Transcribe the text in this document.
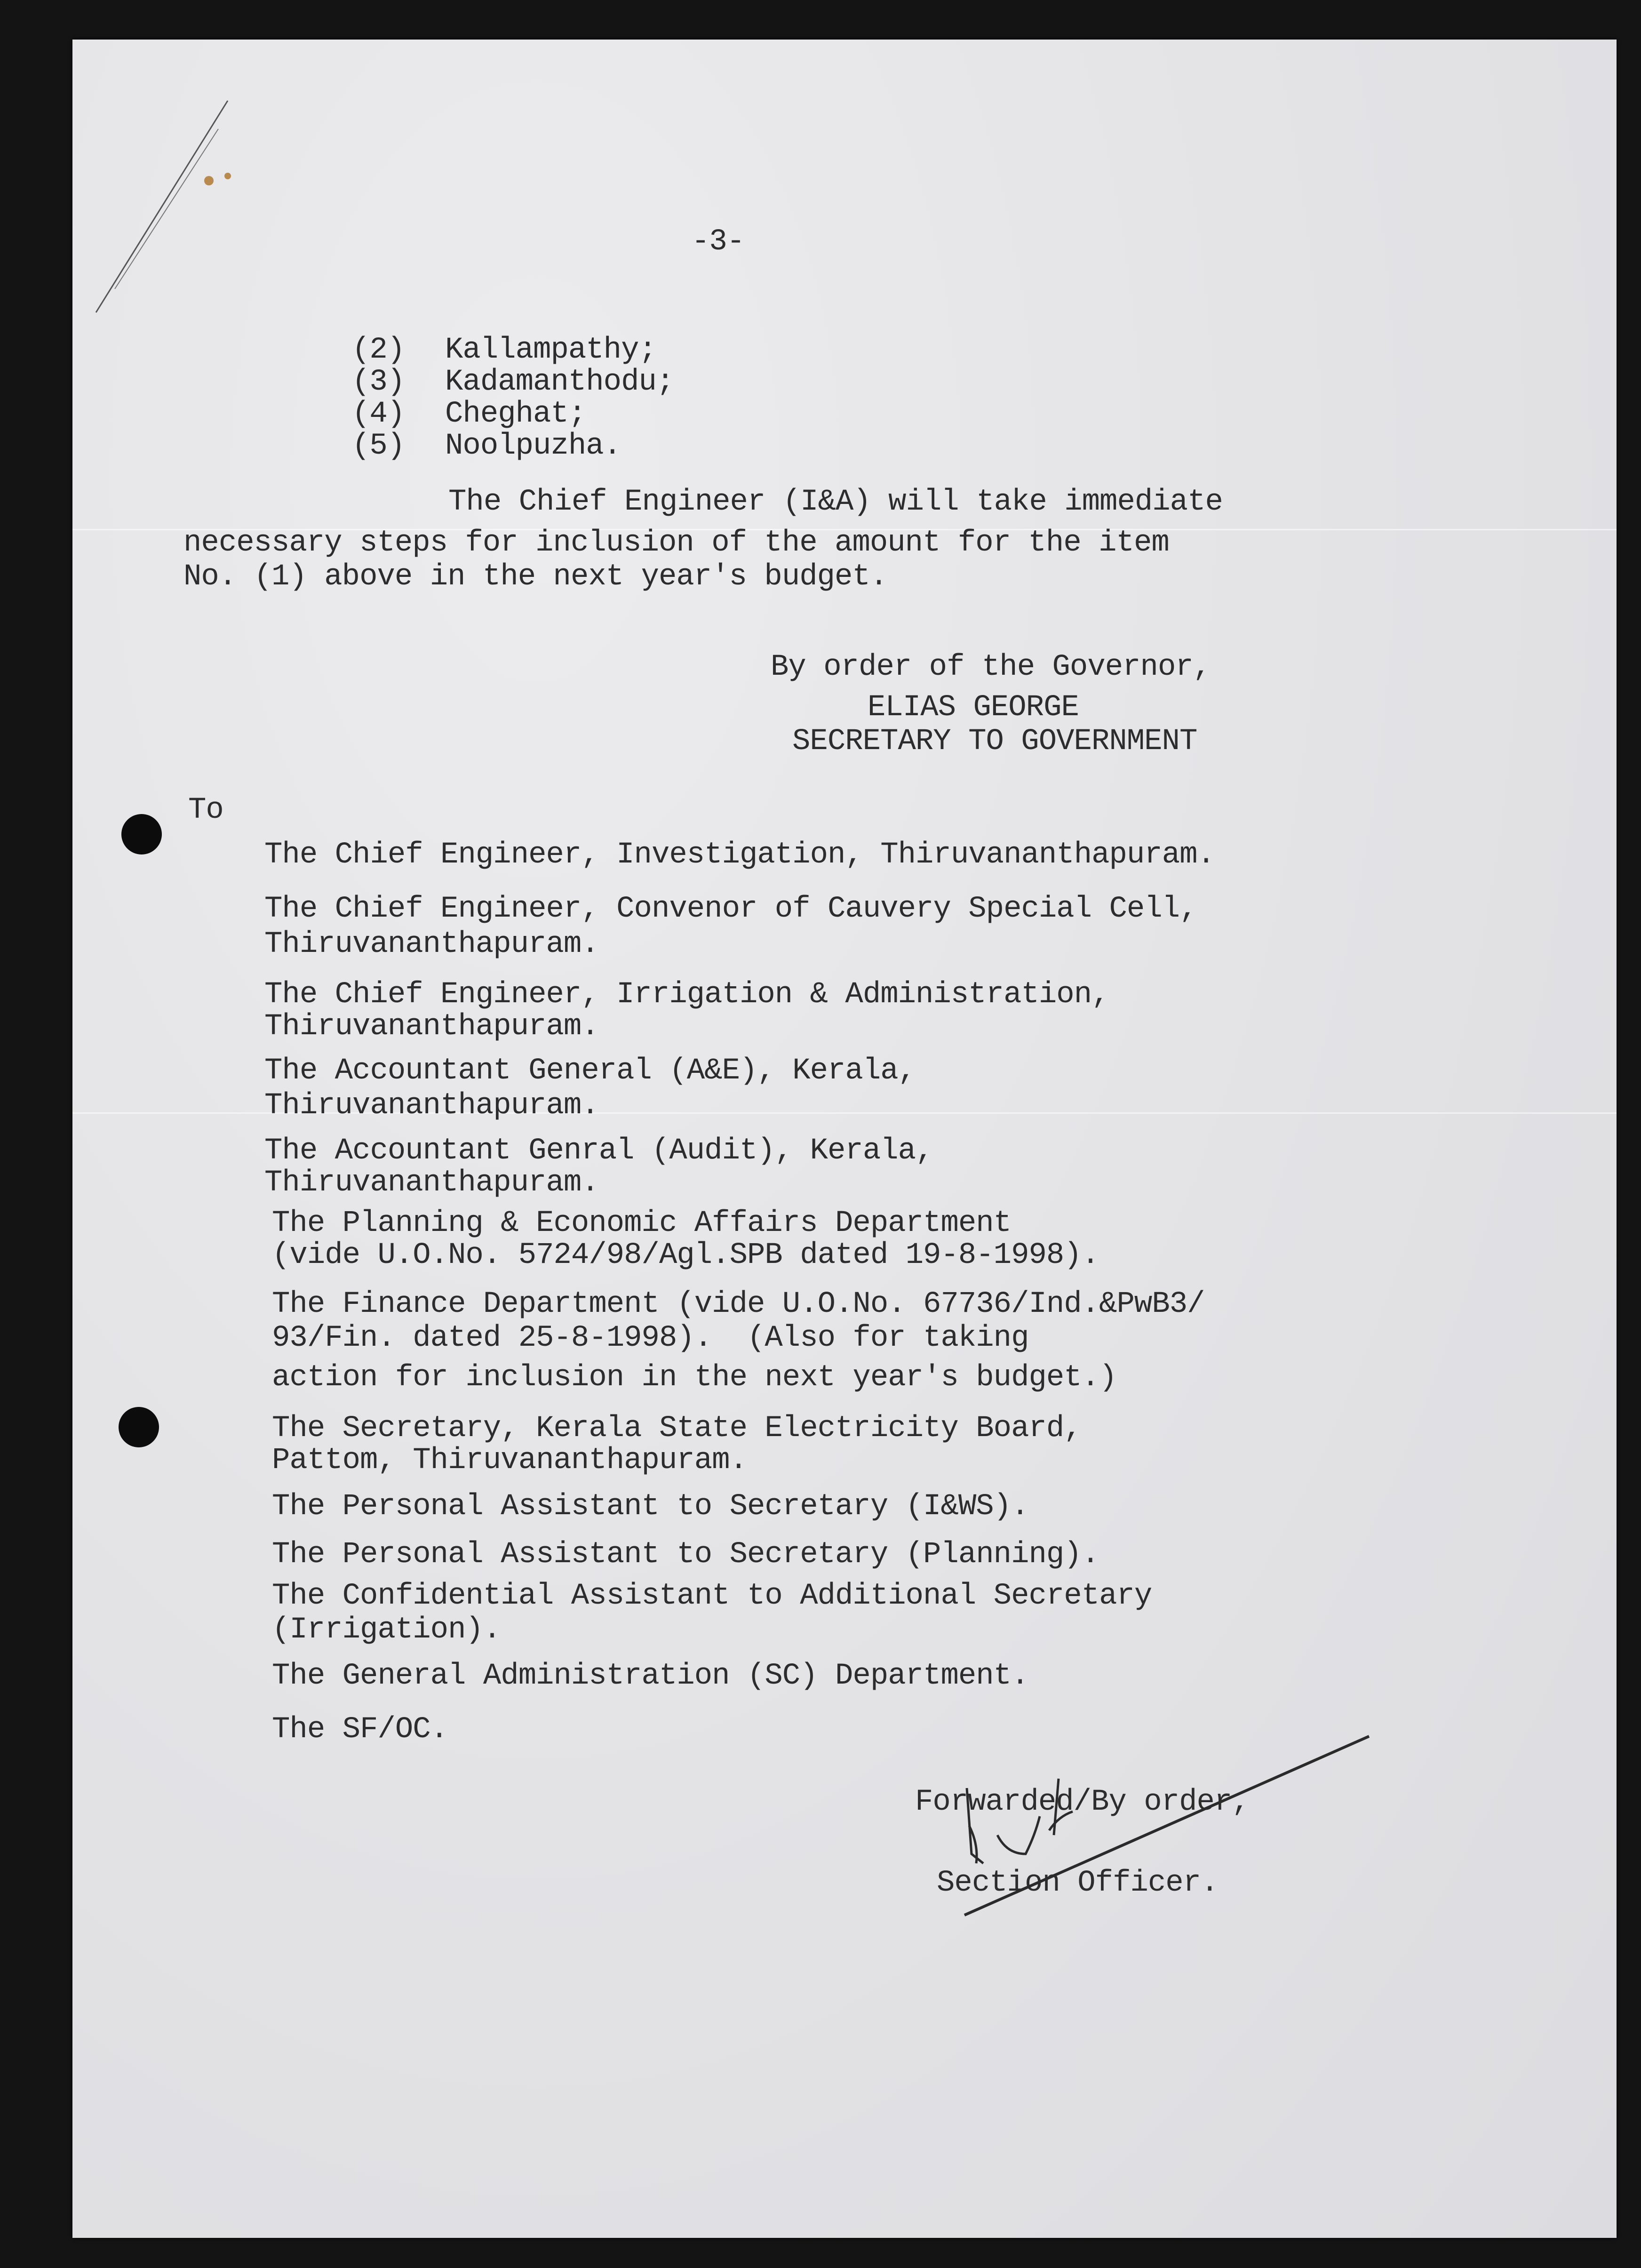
-3-
(2) Kallampathy;
(3) Kadamanthodu;
(4) Cheghat;
(5) Noolpuzha.
The Chief Engineer (I&A) will take immediate
necessary steps for inclusion of the amount for the item
No. (1) above in the next year's budget.
By order of the Governor,
ELIAS GEORGE
SECRETARY TO GOVERNMENT
To
The Chief Engineer, Investigation, Thiruvananthapuram.
The Chief Engineer, Convenor of Cauvery Special Cell,
Thiruvananthapuram.
The Chief Engineer, Irrigation & Administration,
Thiruvananthapuram.
The Accountant General (A&E), Kerala,
Thiruvananthapuram.
The Accountant Genral (Audit), Kerala,
Thiruvananthapuram.
The Planning & Economic Affairs Department
(vide U.O.No. 5724/98/Agl.SPB dated 19-8-1998).
The Finance Department (vide U.O.No. 67736/Ind.&PwB3/
93/Fin. dated 25-8-1998).  (Also for taking
action for inclusion in the next year's budget.)
The Secretary, Kerala State Electricity Board,
Pattom, Thiruvananthapuram.
The Personal Assistant to Secretary (I&WS).
The Personal Assistant to Secretary (Planning).
The Confidential Assistant to Additional Secretary
(Irrigation).
The General Administration (SC) Department.
The SF/OC.
Forwarded/By order,
Section Officer.
